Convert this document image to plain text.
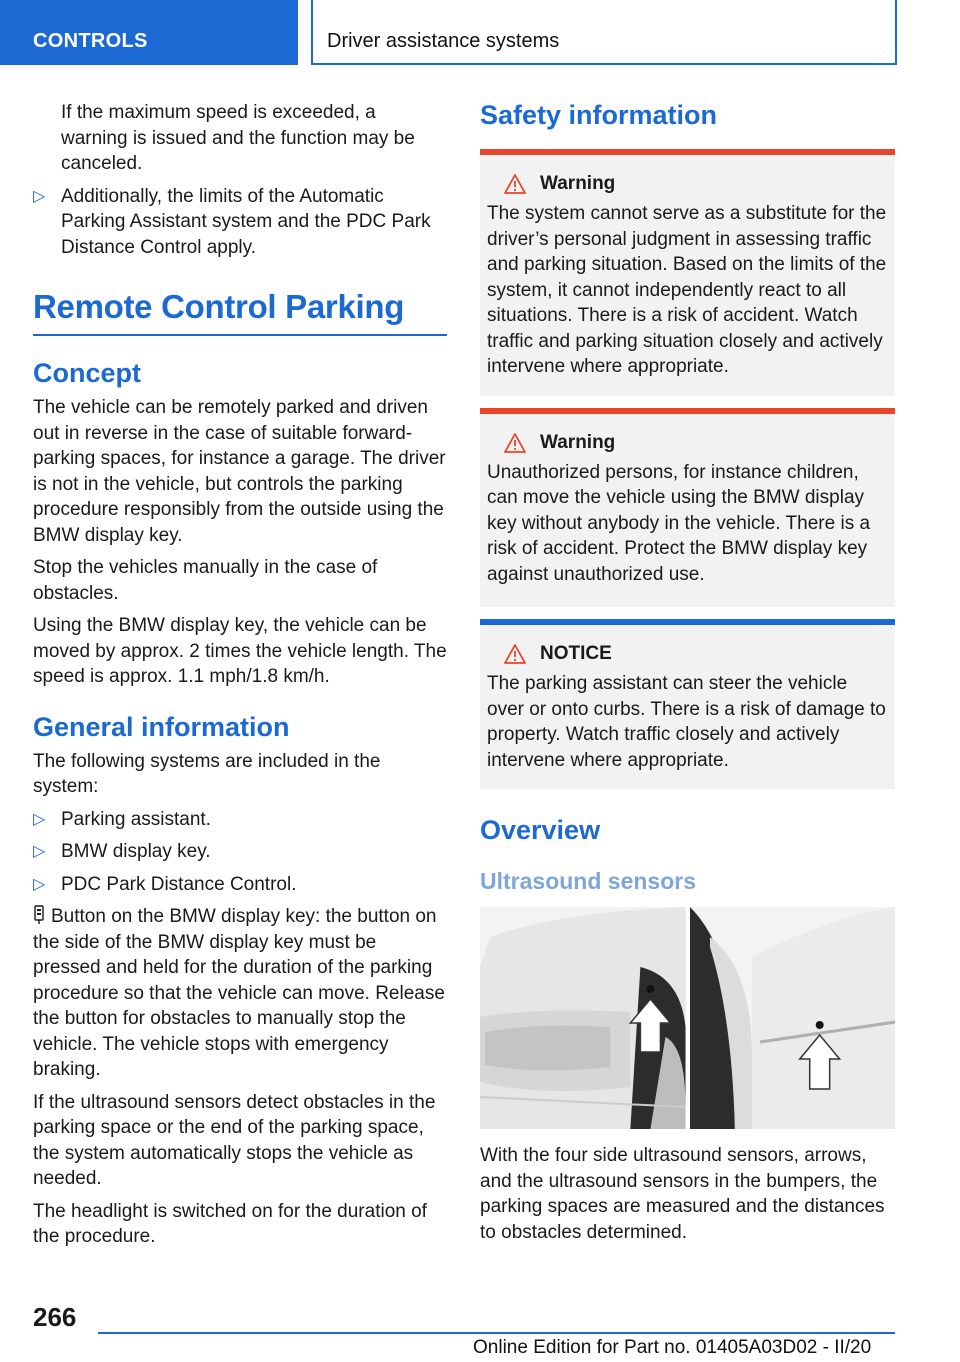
CONTROLS	Driver assistance systems

If the maximum speed is exceeded, a warning is issued and the function may be canceled.

▷ Additionally, the limits of the Automatic Parking Assistant system and the PDC Park Distance Control apply.
Remote Control Parking
Concept

The vehicle can be remotely parked and driven out in reverse in the case of suitable forward-parking spaces, for instance a garage. The driver is not in the vehicle, but controls the parking procedure responsibly from the outside using the BMW display key.

Stop the vehicles manually in the case of obstacles.

Using the BMW display key, the vehicle can be moved by approx. 2 times the vehicle length. The speed is approx. 1.1 mph/1.8 km/h.

General information

The following systems are included in the system:

▷ Parking assistant.
▷ BMW display key.
▷ PDC Park Distance Control.

Button on the BMW display key: the button on the side of the BMW display key must be pressed and held for the duration of the parking procedure so that the vehicle can move. Release the button for obstacles to manually stop the vehicle. The vehicle stops with emergency braking.

If the ultrasound sensors detect obstacles in the parking space or the end of the parking space, the system automatically stops the vehicle as needed.

The headlight is switched on for the duration of the procedure.

Safety information
Warning

The system cannot serve as a substitute for the driver’s personal judgment in assessing traffic and parking situation. Based on the limits of the system, it cannot independently react to all situations. There is a risk of accident. Watch traffic and parking situation closely and actively intervene where appropriate.

Warning

Unauthorized persons, for instance children, can move the vehicle using the BMW display key without anybody in the vehicle. There is a risk of accident. Protect the BMW display key against unauthorized use.

NOTICE

The parking assistant can steer the vehicle over or onto curbs. There is a risk of damage to property. Watch traffic closely and actively intervene where appropriate.

Overview
Ultrasound sensors

With the four side ultrasound sensors, arrows, and the ultrasound sensors in the bumpers, the parking spaces are measured and the distances to obstacles determined.

266
Online Edition for Part no. 01405A03D02 - II/20
